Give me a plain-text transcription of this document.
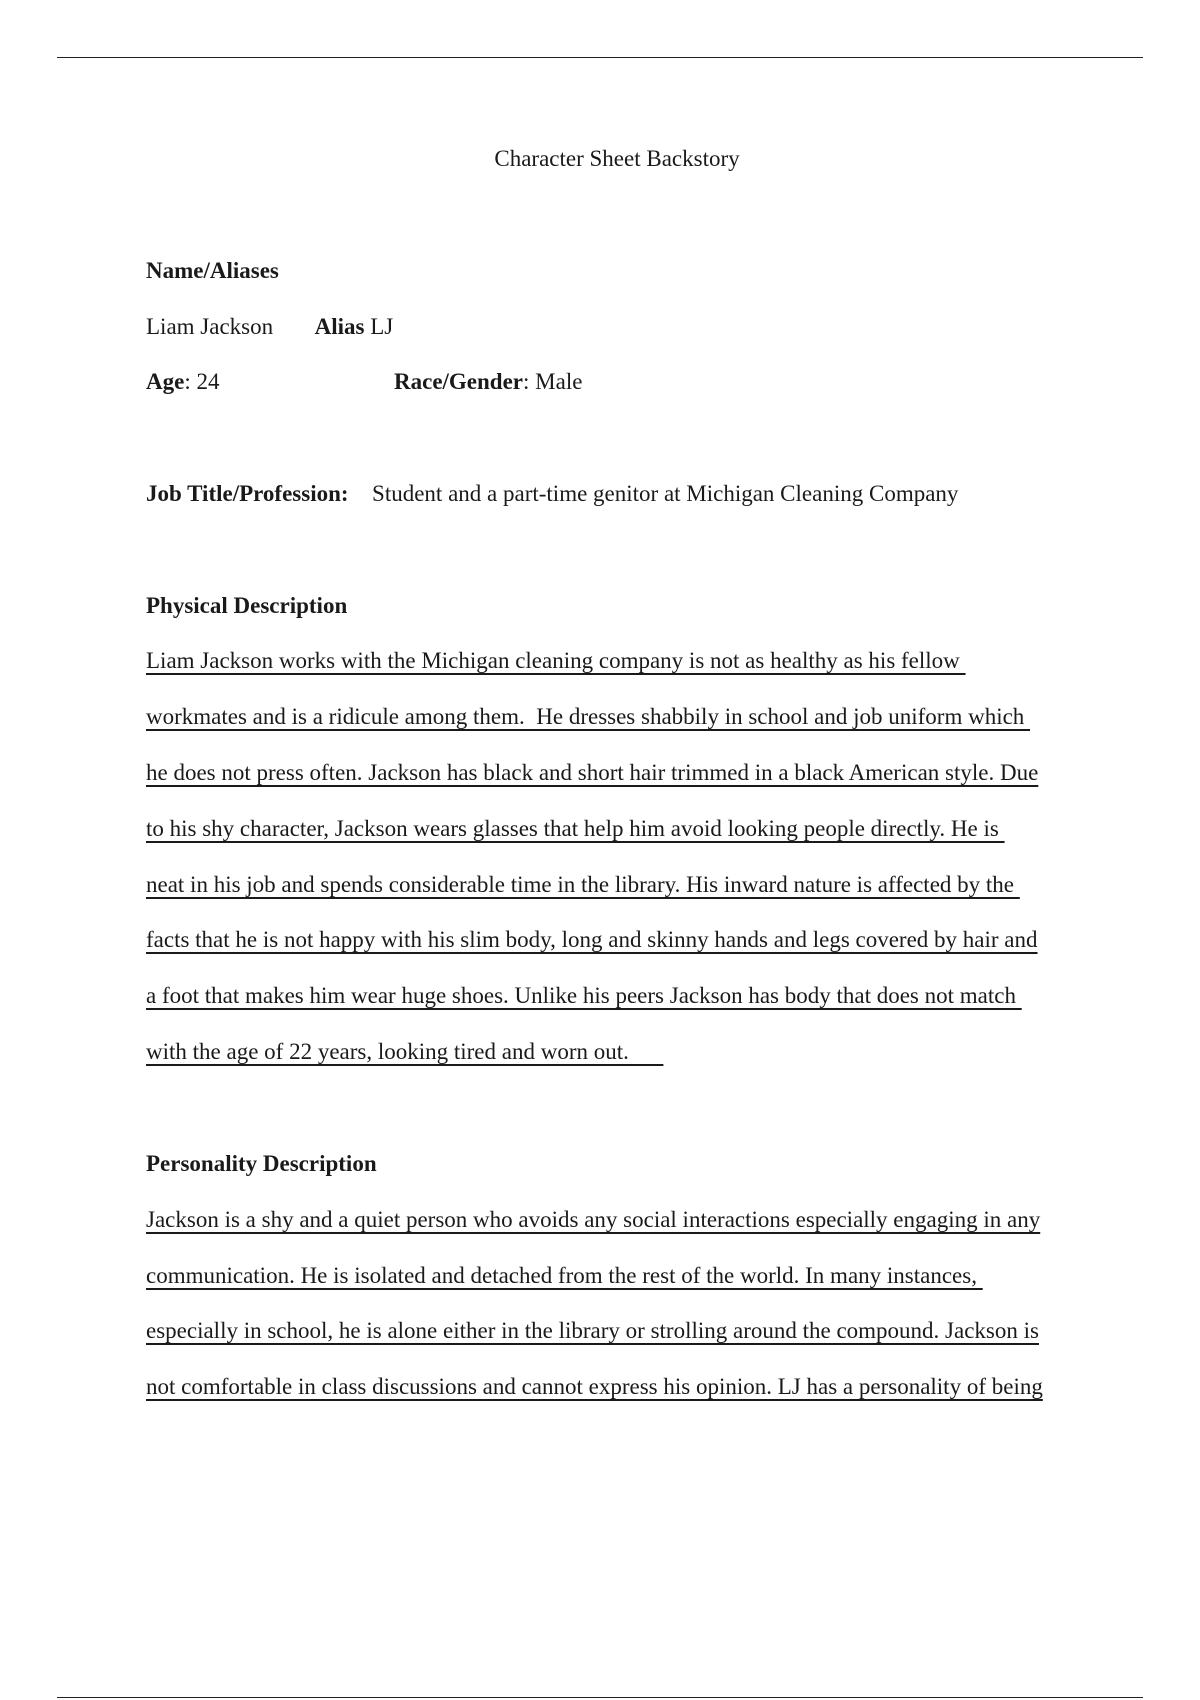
Character Sheet Backstory
Name/Aliases
Liam Jackson Alias LJ
Age: 24	Race/Gender: Male
Job Title/Profession: Student and a part-time genitor at Michigan Cleaning Company
Physical Description
Liam Jackson works with the Michigan cleaning company is not as healthy as his fellow
workmates and is a ridicule among them.  He dresses shabbily in school and job uniform which
he does not press often. Jackson has black and short hair trimmed in a black American style. Due
to his shy character, Jackson wears glasses that help him avoid looking people directly. He is
neat in his job and spends considerable time in the library. His inward nature is affected by the
facts that he is not happy with his slim body, long and skinny hands and legs covered by hair and
a foot that makes him wear huge shoes. Unlike his peers Jackson has body that does not match
with the age of 22 years, looking tired and worn out.
Personality Description
Jackson is a shy and a quiet person who avoids any social interactions especially engaging in any
communication. He is isolated and detached from the rest of the world. In many instances,
especially in school, he is alone either in the library or strolling around the compound. Jackson is
not comfortable in class discussions and cannot express his opinion. LJ has a personality of being
